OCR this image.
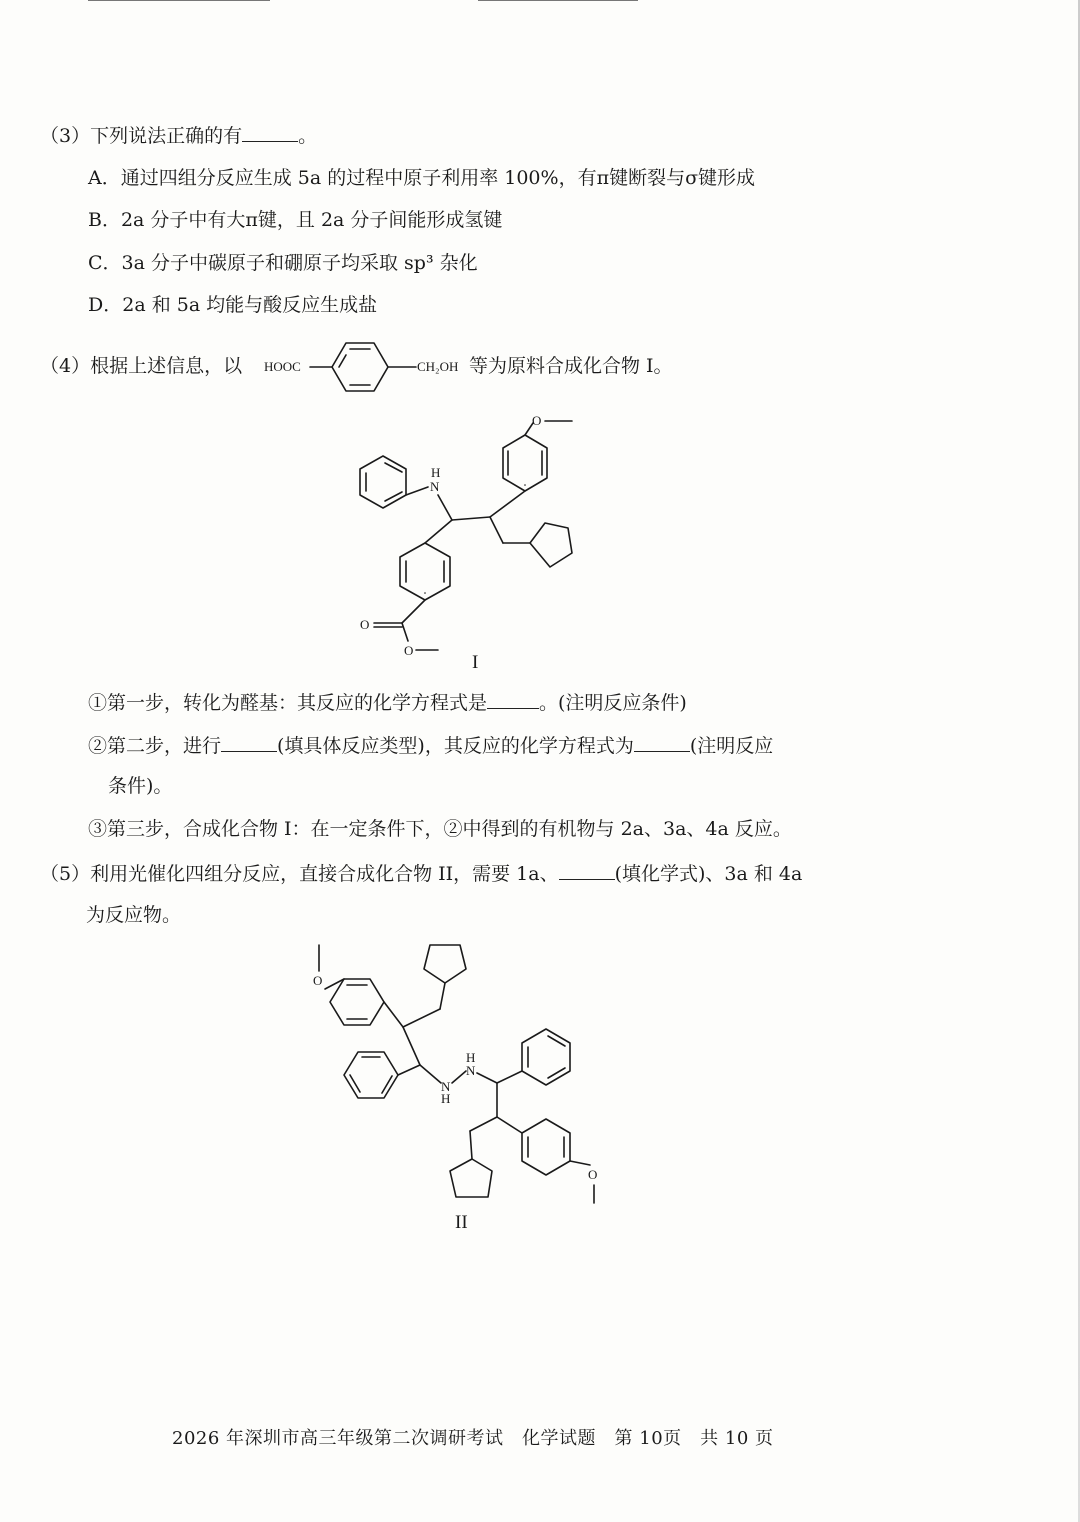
（3）下列说法正确的有	。
A．通过四组分反应生成 5a 的过程中原子利用率 100%，有π键断裂与σ键形成
B．2a 分子中有大π键，且 2a 分子间能形成氢键
C．3a 分子中碳原子和硼原子均采取 sp³ 杂化
D．2a 和 5a 均能与酸反应生成盐
（4）根据上述信息，以 HOOC	CH₂OH 等为原料合成化合物 I。
O
N
H
O
O
I
①第一步，转化为醛基：其反应的化学方程式是	。(注明反应条件)
②第二步，进行	(填具体反应类型)，其反应的化学方程式为	(注明反应
条件)。
③第三步，合成化合物 I：在一定条件下，②中得到的有机物与 2a、3a、4a 反应。
（5）利用光催化四组分反应，直接合成化合物 II，需要 1a、	(填化学式)、3a 和 4a
为反应物。
O
N
H
N
H
O
II
2026 年深圳市高三年级第二次调研考试　化学试题　第 10页　共 10 页
